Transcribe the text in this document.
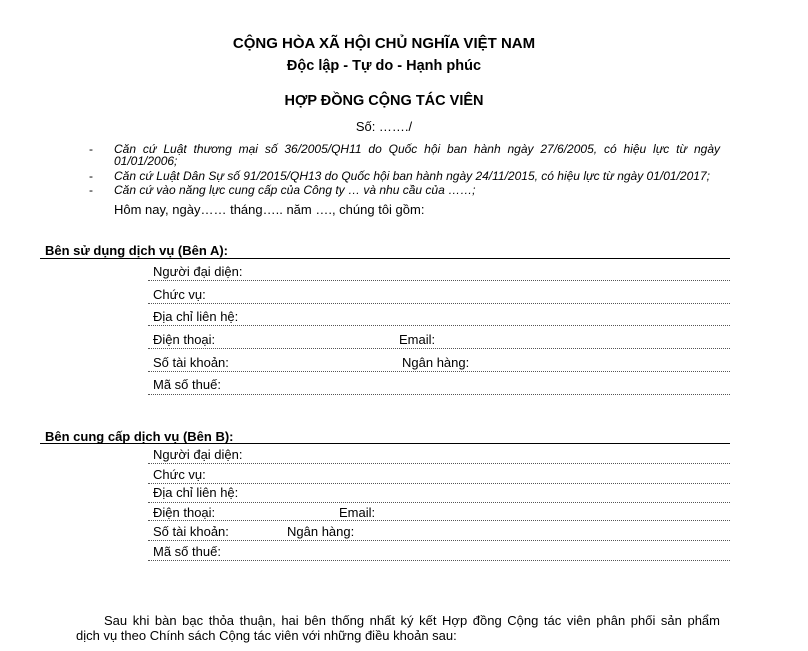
CỘNG HÒA XÃ HỘI CHỦ NGHĨA VIỆT NAM
Độc lập - Tự do - Hạnh phúc
HỢP ĐỒNG CỘNG TÁC VIÊN
Số: ……./
- Căn cứ Luật thương mại số 36/2005/QH11 do Quốc hội ban hành ngày 27/6/2005, có hiệu lực từ ngày
01/01/2006;
- Căn cứ Luật Dân Sự số 91/2015/QH13 do Quốc hội ban hành ngày 24/11/2015, có hiệu lực từ ngày 01/01/2017;
- Căn cứ vào năng lực cung cấp của Công ty … và nhu cầu của ……;
Hôm nay, ngày…… tháng….. năm …., chúng tôi gồm:
Bên sử dụng dịch vụ (Bên A):
Người đại diện:
Chức vụ:
Địa chỉ liên hệ:
Điện thoại:	Email:
Số tài khoản:	Ngân hàng:
Mã số thuế:
Bên cung cấp dịch vụ (Bên B):
Người đại diện:
Chức vụ:
Địa chỉ liên hệ:
Điện thoại:	Email:
Số tài khoản:	Ngân hàng:
Mã số thuế:
Sau khi bàn bạc thỏa thuận, hai bên thống nhất ký kết Hợp đồng Cộng tác viên phân phối sản phẩm
dịch vụ theo Chính sách Cộng tác viên với những điều khoản sau:
